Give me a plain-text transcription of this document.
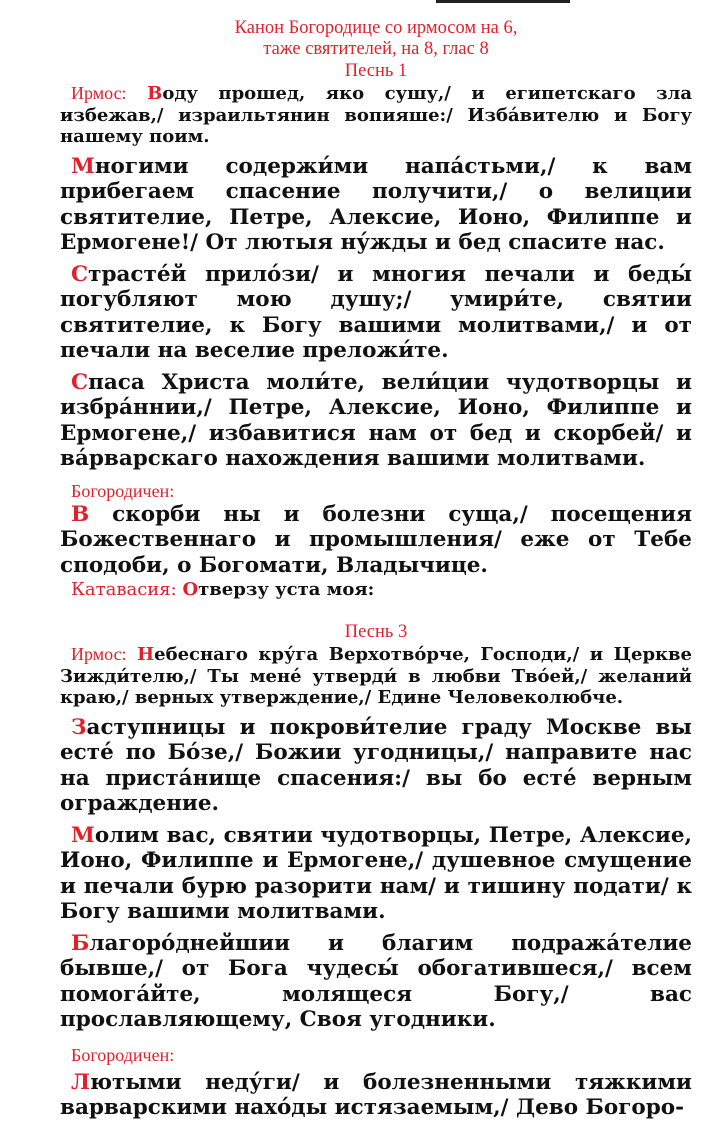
Канон Богородице со ирмосом на 6,
таже святителей, на 8, глас 8
Песнь 1
Ирмос: Воду прошед, яко сушу,/ и египетскаго зла избежав,/ израильтянин вопияше:/ Избáвителю и Богу нашему поим.
Многими содержи́ми напáстьми,/ к вам прибегаем спасение получити,/ о велиции святителие, Петре, Алексие, Ионо, Филиппе и Ермогене!/ От лютыя ну́жды и бед спасите нас.
Страстéй прило́зи/ и многия печали и беды́ погубляют мою душу;/ умири́те, святии святителие, к Богу вашими молитвами,/ и от печали на веселие преложи́те.
Спаса Христа моли́те, вели́ции чудотворцы и избрáннии,/ Петре, Алексие, Ионо, Филиппе и Ермогене,/ избавитися нам от бед и скорбей/ и вáрварскаго нахождения вашими молитвами.
Богородичен:
В скорби ны и болезни суща,/ посещения Божественнаго и промышления/ еже от Тебе сподоби, о Богомати, Владычице.
Катавасия: Отверзу уста моя:
Песнь 3
Ирмос: Небеснаго кру́га Верхотвóрче, Господи,/ и Церкве Зижди́телю,/ Ты менé утверди́ в любви Твóей,/ желаний краю,/ верных утверждение,/ Едине Человеколюбче.
Заступницы и покрови́телие граду Москве вы есте́ по Бóзе,/ Божии угодницы,/ направите нас на пристáнище спасения:/ вы бо есте́ верным ограждение.
Молим вас, святии чудотворцы, Петре, Алексие, Ионо, Филиппе и Ермогене,/ душевное смущение и печали бурю разорити нам/ и тишину подати/ к Богу вашими молитвами.
Благорóднейшии и благим подражáтелие бывше,/ от Бога чудесы́ обогатившеся,/ всем помогáйте, молящеся Богу,/ вас прославляющему, Своя угодники.
Богородичен:
Лютыми неду́ги/ и болезненными тяжкими варварскими нахóды истязаемым,/ Дево Богоро-
